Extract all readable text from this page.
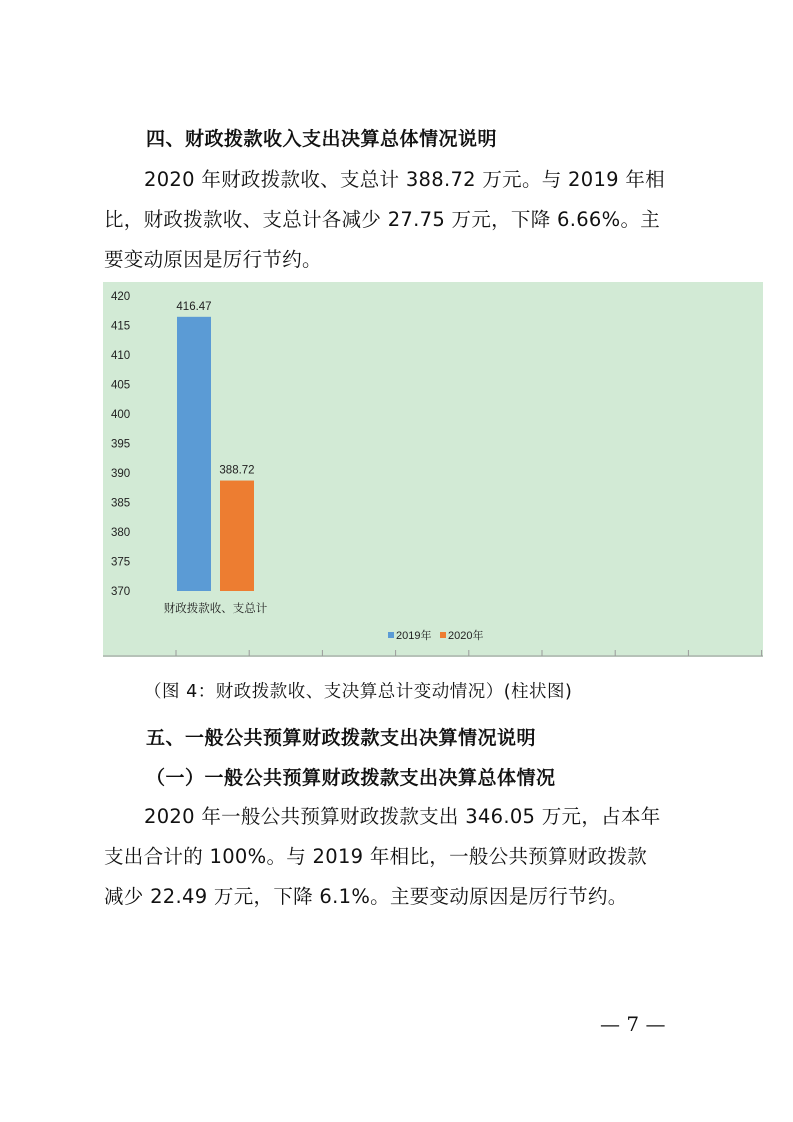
四、财政拨款收入支出决算总体情况说明
2020 年财政拨款收、支总计 388.72 万元。与 2019 年相
比，财政拨款收、支总计各减少 27.75 万元，下降 6.66%。主
要变动原因是厉行节约。
370
375
380
385
390
395
400
405
410
415
420
财政拨款收、支总计
416.47
388.72
2019年 2020年
（图 4：财政拨款收、支决算总计变动情况）(柱状图)
五、一般公共预算财政拨款支出决算情况说明
（一）一般公共预算财政拨款支出决算总体情况
2020 年一般公共预算财政拨款支出 346.05 万元，占本年
支出合计的 100%。与 2019 年相比，一般公共预算财政拨款
减少 22.49 万元，下降 6.1%。主要变动原因是厉行节约。
— 7 —
